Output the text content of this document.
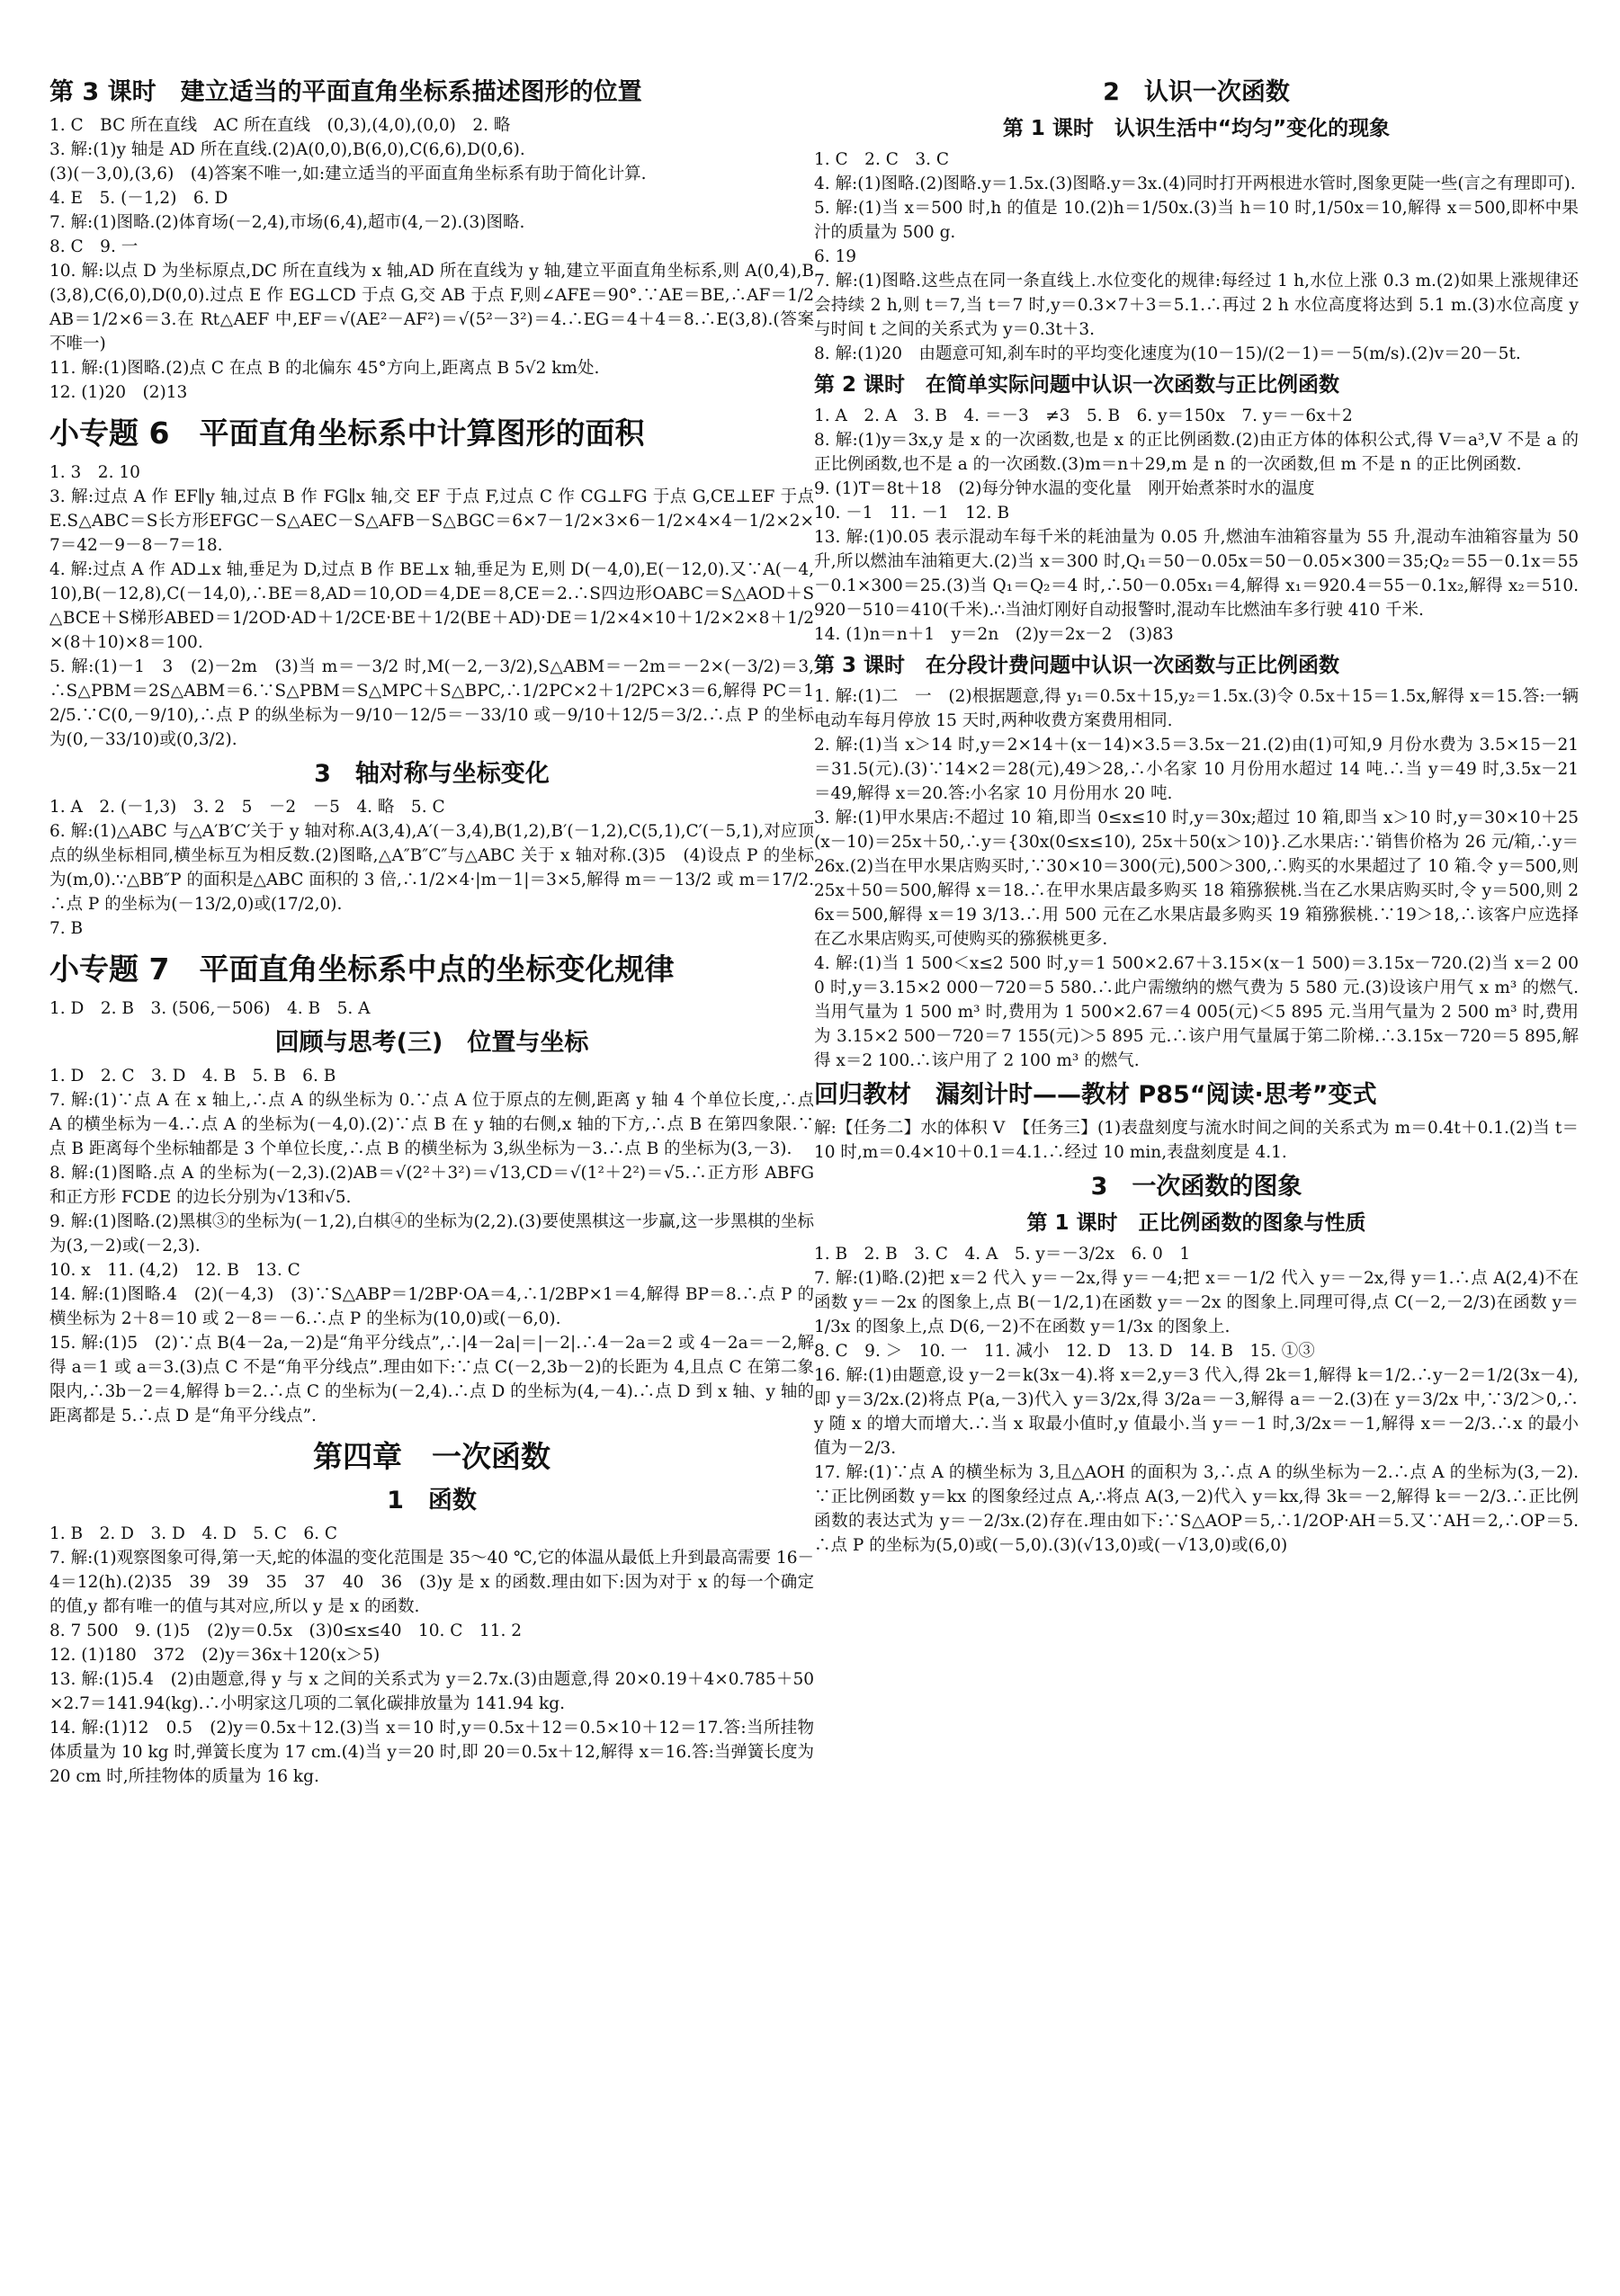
第 3 课时　建立适当的平面直角坐标系描述图形的位置
1. C　BC 所在直线　AC 所在直线　(0,3),(4,0),(0,0)　2. 略
3. 解:(1)y 轴是 AD 所在直线.(2)A(0,0),B(6,0),C(6,6),D(0,6).
(3)(－3,0),(3,6)　(4)答案不唯一,如:建立适当的平面直角坐标系有助于简化计算.
4. E　5. (－1,2)　6. D
7. 解:(1)图略.(2)体育场(－2,4),市场(6,4),超市(4,－2).(3)图略.
8. C　9. 一
10. 解:以点 D 为坐标原点,DC 所在直线为 x 轴,AD 所在直线为 y 轴,建立平面直角坐标系,则 A(0,4),B(3,8),C(6,0),D(0,0).过点 E 作 EG⊥CD 于点 G,交 AB 于点 F,则∠AFE＝90°.∵AE＝BE,∴AF＝1/2AB＝1/2×6＝3.在 Rt△AEF 中,EF＝√(AE²－AF²)＝√(5²－3²)＝4.∴EG＝4＋4＝8.∴E(3,8).(答案不唯一)
11. 解:(1)图略.(2)点 C 在点 B 的北偏东 45°方向上,距离点 B 5√2 km处.
12. (1)20　(2)13
小专题 6　平面直角坐标系中计算图形的面积
1. 3　2. 10
3. 解:过点 A 作 EF∥y 轴,过点 B 作 FG∥x 轴,交 EF 于点 F,过点 C 作 CG⊥FG 于点 G,CE⊥EF 于点 E.S△ABC＝S长方形EFGC－S△AEC－S△AFB－S△BGC＝6×7－1/2×3×6－1/2×4×4－1/2×2×7＝42－9－8－7＝18.
4. 解:过点 A 作 AD⊥x 轴,垂足为 D,过点 B 作 BE⊥x 轴,垂足为 E,则 D(－4,0),E(－12,0).又∵A(－4,10),B(－12,8),C(－14,0),∴BE＝8,AD＝10,OD＝4,DE＝8,CE＝2.∴S四边形OABC＝S△AOD＋S△BCE＋S梯形ABED＝1/2OD·AD＋1/2CE·BE＋1/2(BE＋AD)·DE＝1/2×4×10＋1/2×2×8＋1/2×(8＋10)×8＝100.
5. 解:(1)－1　3　(2)－2m　(3)当 m＝－3/2 时,M(－2,－3/2),S△ABM＝－2m＝－2×(－3/2)＝3,∴S△PBM＝2S△ABM＝6.∵S△PBM＝S△MPC＋S△BPC,∴1/2PC×2＋1/2PC×3＝6,解得 PC＝12/5.∵C(0,－9/10),∴点 P 的纵坐标为－9/10－12/5＝－33/10 或－9/10＋12/5＝3/2.∴点 P 的坐标为(0,－33/10)或(0,3/2).
3　轴对称与坐标变化
1. A　2. (－1,3)　3. 2　5　－2　－5　4. 略　5. C
6. 解:(1)△ABC 与△A′B′C′关于 y 轴对称.A(3,4),A′(－3,4),B(1,2),B′(－1,2),C(5,1),C′(－5,1),对应顶点的纵坐标相同,横坐标互为相反数.(2)图略,△A″B″C″与△ABC 关于 x 轴对称.(3)5　(4)设点 P 的坐标为(m,0).∵△BB″P 的面积是△ABC 面积的 3 倍,∴1/2×4·|m－1|＝3×5,解得 m＝－13/2 或 m＝17/2.∴点 P 的坐标为(－13/2,0)或(17/2,0).
7. B
小专题 7　平面直角坐标系中点的坐标变化规律
1. D　2. B　3. (506,－506)　4. B　5. A
回顾与思考(三)　位置与坐标
1. D　2. C　3. D　4. B　5. B　6. B
7. 解:(1)∵点 A 在 x 轴上,∴点 A 的纵坐标为 0.∵点 A 位于原点的左侧,距离 y 轴 4 个单位长度,∴点 A 的横坐标为－4.∴点 A 的坐标为(－4,0).(2)∵点 B 在 y 轴的右侧,x 轴的下方,∴点 B 在第四象限.∵点 B 距离每个坐标轴都是 3 个单位长度,∴点 B 的横坐标为 3,纵坐标为－3.∴点 B 的坐标为(3,－3).
8. 解:(1)图略.点 A 的坐标为(－2,3).(2)AB＝√(2²＋3²)＝√13,CD＝√(1²＋2²)＝√5.∴正方形 ABFG 和正方形 FCDE 的边长分别为√13和√5.
9. 解:(1)图略.(2)黑棋③的坐标为(－1,2),白棋④的坐标为(2,2).(3)要使黑棋这一步赢,这一步黑棋的坐标为(3,－2)或(－2,3).
10. x　11. (4,2)　12. B　13. C
14. 解:(1)图略.4　(2)(－4,3)　(3)∵S△ABP＝1/2BP·OA＝4,∴1/2BP×1＝4,解得 BP＝8.∴点 P 的横坐标为 2＋8＝10 或 2－8＝－6.∴点 P 的坐标为(10,0)或(－6,0).
15. 解:(1)5　(2)∵点 B(4－2a,－2)是“角平分线点”,∴|4－2a|＝|－2|.∴4－2a＝2 或 4－2a＝－2,解得 a＝1 或 a＝3.(3)点 C 不是“角平分线点”.理由如下:∵点 C(－2,3b－2)的长距为 4,且点 C 在第二象限内,∴3b－2＝4,解得 b＝2.∴点 C 的坐标为(－2,4).∴点 D 的坐标为(4,－4).∴点 D 到 x 轴、y 轴的距离都是 5.∴点 D 是“角平分线点”.
第四章　一次函数
1　函数
1. B　2. D　3. D　4. D　5. C　6. C
7. 解:(1)观察图象可得,第一天,蛇的体温的变化范围是 35～40 ℃,它的体温从最低上升到最高需要 16－4＝12(h).(2)35　39　39　35　37　40　36　(3)y 是 x 的函数.理由如下:因为对于 x 的每一个确定的值,y 都有唯一的值与其对应,所以 y 是 x 的函数.
8. 7 500　9. (1)5　(2)y＝0.5x　(3)0≤x≤40　10. C　11. 2
12. (1)180　372　(2)y＝36x＋120(x＞5)
13. 解:(1)5.4　(2)由题意,得 y 与 x 之间的关系式为 y＝2.7x.(3)由题意,得 20×0.19＋4×0.785＋50×2.7＝141.94(kg).∴小明家这几项的二氧化碳排放量为 141.94 kg.
14. 解:(1)12　0.5　(2)y＝0.5x＋12.(3)当 x＝10 时,y＝0.5x＋12＝0.5×10＋12＝17.答:当所挂物体质量为 10 kg 时,弹簧长度为 17 cm.(4)当 y＝20 时,即 20＝0.5x＋12,解得 x＝16.答:当弹簧长度为 20 cm 时,所挂物体的质量为 16 kg.
2　认识一次函数
第 1 课时　认识生活中“均匀”变化的现象
1. C　2. C　3. C
4. 解:(1)图略.(2)图略.y＝1.5x.(3)图略.y＝3x.(4)同时打开两根进水管时,图象更陡一些(言之有理即可).
5. 解:(1)当 x＝500 时,h 的值是 10.(2)h＝1/50x.(3)当 h＝10 时,1/50x＝10,解得 x＝500,即杯中果汁的质量为 500 g.
6. 19
7. 解:(1)图略.这些点在同一条直线上.水位变化的规律:每经过 1 h,水位上涨 0.3 m.(2)如果上涨规律还会持续 2 h,则 t＝7,当 t＝7 时,y＝0.3×7＋3＝5.1.∴再过 2 h 水位高度将达到 5.1 m.(3)水位高度 y 与时间 t 之间的关系式为 y＝0.3t＋3.
8. 解:(1)20　由题意可知,刹车时的平均变化速度为(10－15)/(2－1)＝－5(m/s).(2)v＝20－5t.
第 2 课时　在简单实际问题中认识一次函数与正比例函数
1. A　2. A　3. B　4. ＝－3　≠3　5. B　6. y＝150x　7. y＝－6x＋2
8. 解:(1)y＝3x,y 是 x 的一次函数,也是 x 的正比例函数.(2)由正方体的体积公式,得 V＝a³,V 不是 a 的正比例函数,也不是 a 的一次函数.(3)m＝n＋29,m 是 n 的一次函数,但 m 不是 n 的正比例函数.
9. (1)T＝8t＋18　(2)每分钟水温的变化量　刚开始煮茶时水的温度
10. －1　11. －1　12. B
13. 解:(1)0.05 表示混动车每千米的耗油量为 0.05 升,燃油车油箱容量为 55 升,混动车油箱容量为 50 升,所以燃油车油箱更大.(2)当 x＝300 时,Q₁＝50－0.05x＝50－0.05×300＝35;Q₂＝55－0.1x＝55－0.1×300＝25.(3)当 Q₁＝Q₂＝4 时,∴50－0.05x₁＝4,解得 x₁＝920.4＝55－0.1x₂,解得 x₂＝510.920－510＝410(千米).∴当油灯刚好自动报警时,混动车比燃油车多行驶 410 千米.
14. (1)n＝n＋1　y＝2n　(2)y＝2x－2　(3)83
第 3 课时　在分段计费问题中认识一次函数与正比例函数
1. 解:(1)二　一　(2)根据题意,得 y₁＝0.5x＋15,y₂＝1.5x.(3)令 0.5x＋15＝1.5x,解得 x＝15.答:一辆电动车每月停放 15 天时,两种收费方案费用相同.
2. 解:(1)当 x＞14 时,y＝2×14＋(x－14)×3.5＝3.5x－21.(2)由(1)可知,9 月份水费为 3.5×15－21＝31.5(元).(3)∵14×2＝28(元),49＞28,∴小名家 10 月份用水超过 14 吨.∴当 y＝49 时,3.5x－21＝49,解得 x＝20.答:小名家 10 月份用水 20 吨.
3. 解:(1)甲水果店:不超过 10 箱,即当 0≤x≤10 时,y＝30x;超过 10 箱,即当 x＞10 时,y＝30×10＋25(x－10)＝25x＋50,∴y＝{30x(0≤x≤10), 25x＋50(x＞10)}.乙水果店:∵销售价格为 26 元/箱,∴y＝26x.(2)当在甲水果店购买时,∵30×10＝300(元),500＞300,∴购买的水果超过了 10 箱.令 y＝500,则 25x＋50＝500,解得 x＝18.∴在甲水果店最多购买 18 箱猕猴桃.当在乙水果店购买时,令 y＝500,则 26x＝500,解得 x＝19 3/13.∴用 500 元在乙水果店最多购买 19 箱猕猴桃.∵19＞18,∴该客户应选择在乙水果店购买,可使购买的猕猴桃更多.
4. 解:(1)当 1 500＜x≤2 500 时,y＝1 500×2.67＋3.15×(x－1 500)＝3.15x－720.(2)当 x＝2 000 时,y＝3.15×2 000－720＝5 580.∴此户需缴纳的燃气费为 5 580 元.(3)设该户用气 x m³ 的燃气.当用气量为 1 500 m³ 时,费用为 1 500×2.67＝4 005(元)＜5 895 元.当用气量为 2 500 m³ 时,费用为 3.15×2 500－720＝7 155(元)＞5 895 元.∴该户用气量属于第二阶梯.∴3.15x－720＝5 895,解得 x＝2 100.∴该户用了 2 100 m³ 的燃气.
回归教材　漏刻计时——教材 P85“阅读·思考”变式
解:【任务二】水的体积 V　【任务三】(1)表盘刻度与流水时间之间的关系式为 m＝0.4t＋0.1.(2)当 t＝10 时,m＝0.4×10＋0.1＝4.1.∴经过 10 min,表盘刻度是 4.1.
3　一次函数的图象
第 1 课时　正比例函数的图象与性质
1. B　2. B　3. C　4. A　5. y＝－3/2x　6. 0　1
7. 解:(1)略.(2)把 x＝2 代入 y＝－2x,得 y＝－4;把 x＝－1/2 代入 y＝－2x,得 y＝1.∴点 A(2,4)不在函数 y＝－2x 的图象上,点 B(－1/2,1)在函数 y＝－2x 的图象上.同理可得,点 C(－2,－2/3)在函数 y＝1/3x 的图象上,点 D(6,－2)不在函数 y＝1/3x 的图象上.
8. C　9. ＞　10. 一　11. 减小　12. D　13. D　14. B　15. ①③
16. 解:(1)由题意,设 y－2＝k(3x－4).将 x＝2,y＝3 代入,得 2k＝1,解得 k＝1/2.∴y－2＝1/2(3x－4),即 y＝3/2x.(2)将点 P(a,－3)代入 y＝3/2x,得 3/2a＝－3,解得 a＝－2.(3)在 y＝3/2x 中,∵3/2＞0,∴y 随 x 的增大而增大.∴当 x 取最小值时,y 值最小.当 y＝－1 时,3/2x＝－1,解得 x＝－2/3.∴x 的最小值为－2/3.
17. 解:(1)∵点 A 的横坐标为 3,且△AOH 的面积为 3,∴点 A 的纵坐标为－2.∴点 A 的坐标为(3,－2).∵正比例函数 y＝kx 的图象经过点 A,∴将点 A(3,－2)代入 y＝kx,得 3k＝－2,解得 k＝－2/3.∴正比例函数的表达式为 y＝－2/3x.(2)存在.理由如下:∵S△AOP＝5,∴1/2OP·AH＝5.又∵AH＝2,∴OP＝5.∴点 P 的坐标为(5,0)或(－5,0).(3)(√13,0)或(－√13,0)或(6,0)
